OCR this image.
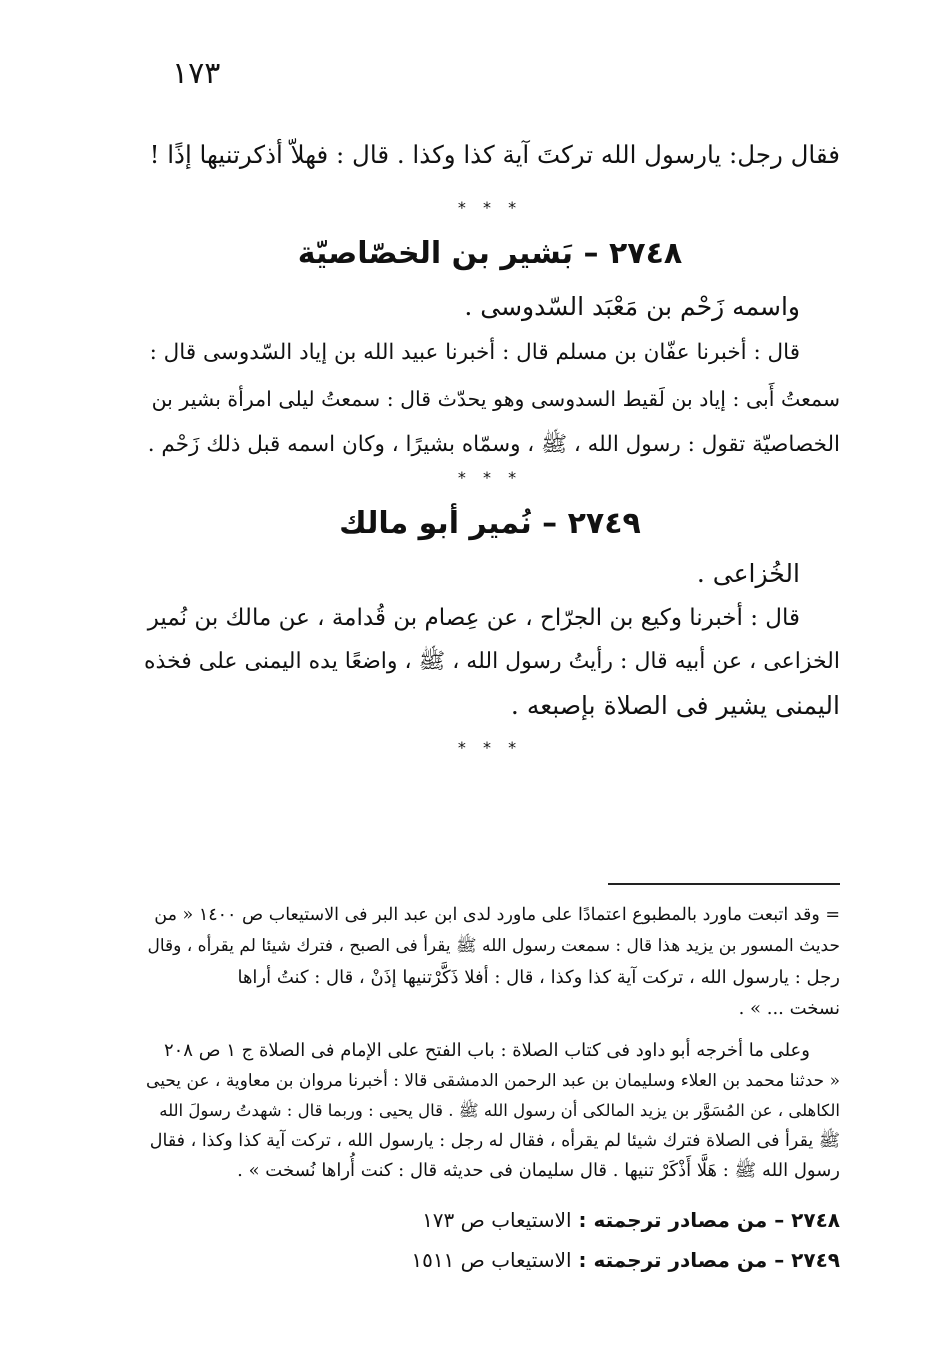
١٧٣
فقال رجل: يارسول الله تركتَ آية كذا وكذا . قال : فهلاّ أذكرتنيها إذًا !
* * *
٢٧٤٨ – بَشير بن الخصّاصيّة
واسمه زَحْم بن مَعْبَد السّدوسى .
قال : أخبرنا عفّان بن مسلم قال : أخبرنا عبيد الله بن إياد السّدوسى قال :
سمعتُ أَبى : إياد بن لَقيط السدوسى وهو يحدّث قال : سمعتُ ليلى امرأة بشير بن
الخصاصيّة تقول : رسول الله ، ﷺ ، وسمّاه بشيرًا ، وكان اسمه قبل ذلك زَحْم .
* * *
٢٧٤٩ – نُمير أبو مالك
الخُزاعى .
قال : أخبرنا وكيع بن الجرّاح ، عن عِصام بن قُدامة ، عن مالك بن نُمير
الخزاعى ، عن أبيه قال : رأيتُ رسول الله ، ﷺ ، واضعًا يده اليمنى على فخذه
اليمنى يشير فى الصلاة بإصبعه .
* * *
= وقد اتبعت ماورد بالمطبوع اعتمادًا على ماورد لدى ابن عبد البر فى الاستيعاب ص ١٤٠٠ « من
حديث المسور بن يزيد هذا قال : سمعت رسول الله ﷺ يقرأ فى الصبح ، فترك شيئا لم يقرأه ، وقال
رجل : يارسول الله ، تركت آية كذا وكذا ، قال : أفلا ذَكَّرْتنيها إذَنْ ، قال : كنتُ أراها
نسخت ... » .
وعلى ما أخرجه أبو داود فى كتاب الصلاة : باب الفتح على الإمام فى الصلاة ج ١ ص ٢٠٨
« حدثنا محمد بن العلاء وسليمان بن عبد الرحمن الدمشقى قالا : أخبرنا مروان بن معاوية ، عن يحيى
الكاهلى ، عن المُسَوَّر بن يزيد المالكى أن رسول الله ﷺ . قال يحيى : وربما قال : شهدتُ رسولَ الله
ﷺ يقرأ فى الصلاة فترك شيئا لم يقرأه ، فقال له رجل : يارسول الله ، تركت آية كذا وكذا ، فقال
رسول الله ﷺ : هَلَّا أَذْكَرْ تنيها . قال سليمان فى حديثه قال : كنت أُراها نُسخت » .
٢٧٤٨ – من مصادر ترجمته : الاستيعاب ص ١٧٣
٢٧٤٩ – من مصادر ترجمته : الاستيعاب ص ١٥١١
